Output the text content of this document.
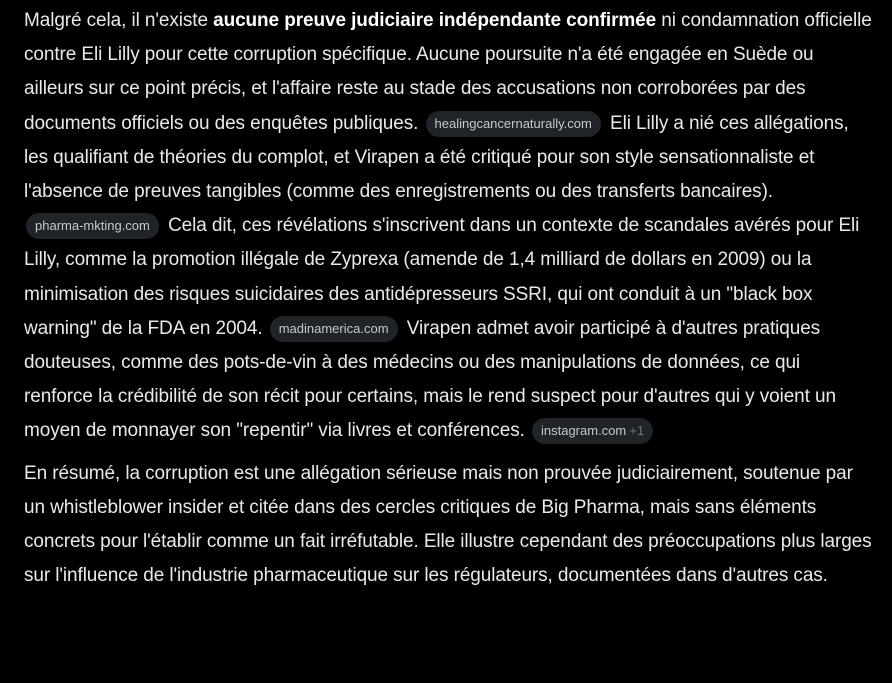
Malgré cela, il n'existe aucune preuve judiciaire indépendante confirmée ni condamnation officielle contre Eli Lilly pour cette corruption spécifique. Aucune poursuite n'a été engagée en Suède ou ailleurs sur ce point précis, et l'affaire reste au stade des accusations non corroborées par des documents officiels ou des enquêtes publiques. healingcancernaturally.com Eli Lilly a nié ces allégations, les qualifiant de théories du complot, et Virapen a été critiqué pour son style sensationnaliste et l'absence de preuves tangibles (comme des enregistrements ou des transferts bancaires). pharma-mkting.com Cela dit, ces révélations s'inscrivent dans un contexte de scandales avérés pour Eli Lilly, comme la promotion illégale de Zyprexa (amende de 1,4 milliard de dollars en 2009) ou la minimisation des risques suicidaires des antidépresseurs SSRI, qui ont conduit à un "black box warning" de la FDA en 2004. madinamerica.com Virapen admet avoir participé à d'autres pratiques douteuses, comme des pots-de-vin à des médecins ou des manipulations de données, ce qui renforce la crédibilité de son récit pour certains, mais le rend suspect pour d'autres qui y voient un moyen de monnayer son "repentir" via livres et conférences. instagram.com +1

En résumé, la corruption est une allégation sérieuse mais non prouvée judiciairement, soutenue par un whistleblower insider et citée dans des cercles critiques de Big Pharma, mais sans éléments concrets pour l'établir comme un fait irréfutable. Elle illustre cependant des préoccupations plus larges sur l'influence de l'industrie pharmaceutique sur les régulateurs, documentées dans d'autres cas.
